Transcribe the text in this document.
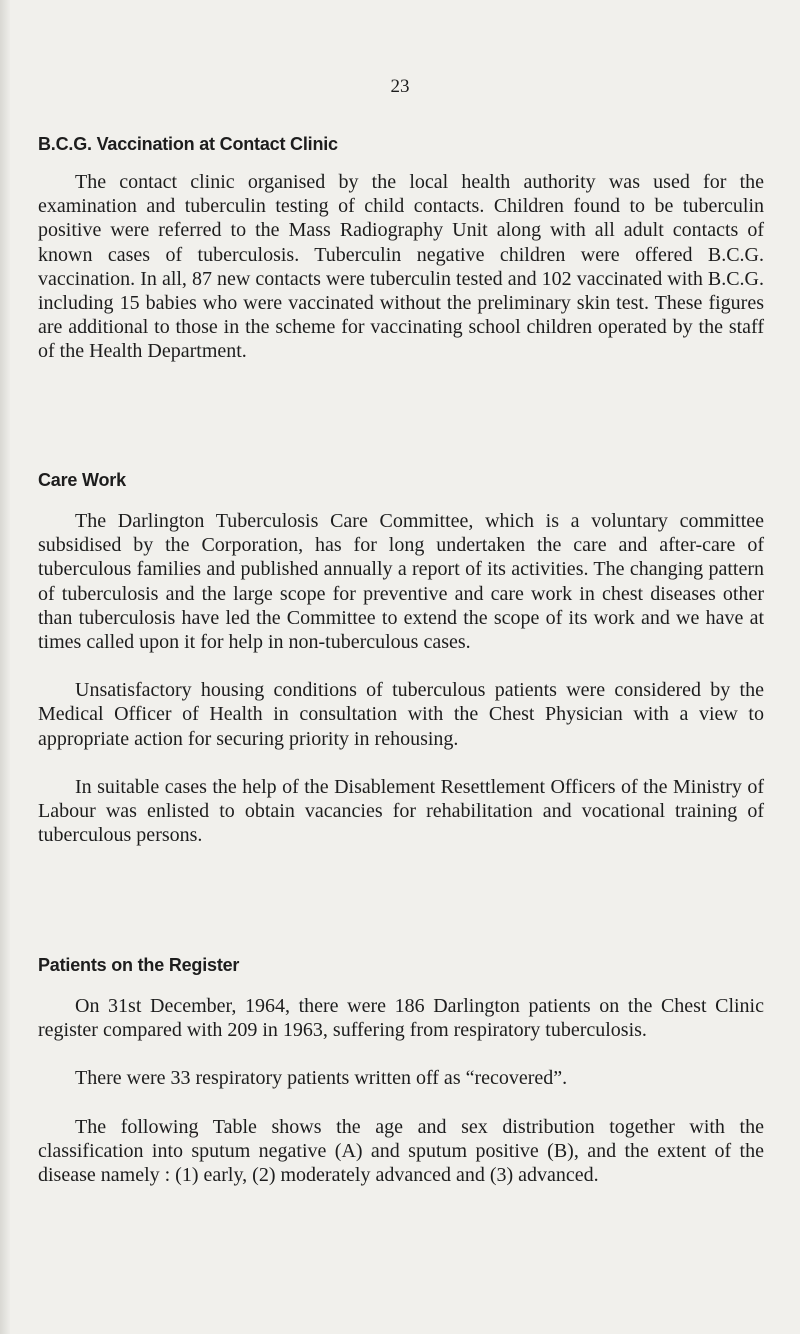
23
B.C.G. Vaccination at Contact Clinic

The contact clinic organised by the local health authority was used for the examination and tuberculin testing of child contacts. Children found to be tuberculin positive were referred to the Mass Radiography Unit along with all adult contacts of known cases of tuberculosis. Tuberculin negative children were offered B.C.G. vaccination. In all, 87 new contacts were tuberculin tested and 102 vaccinated with B.C.G. including 15 babies who were vaccinated without the preliminary skin test. These figures are additional to those in the scheme for vaccinating school children operated by the staff of the Health Department.

Care Work

The Darlington Tuberculosis Care Committee, which is a voluntary committee subsidised by the Corporation, has for long undertaken the care and after-care of tuberculous families and published annually a report of its activities. The changing pattern of tuberculosis and the large scope for preventive and care work in chest diseases other than tuberculosis have led the Committee to extend the scope of its work and we have at times called upon it for help in non-tuberculous cases.

Unsatisfactory housing conditions of tuberculous patients were considered by the Medical Officer of Health in consultation with the Chest Physician with a view to appropriate action for securing priority in rehousing.

In suitable cases the help of the Disablement Resettlement Officers of the Ministry of Labour was enlisted to obtain vacancies for rehabilitation and vocational training of tuberculous persons.

Patients on the Register

On 31st December, 1964, there were 186 Darlington patients on the Chest Clinic register compared with 209 in 1963, suffering from respiratory tuberculosis.

There were 33 respiratory patients written off as “recovered”.

The following Table shows the age and sex distribution together with the classification into sputum negative (A) and sputum positive (B), and the extent of the disease namely : (1) early, (2) moderately advanced and (3) advanced.
